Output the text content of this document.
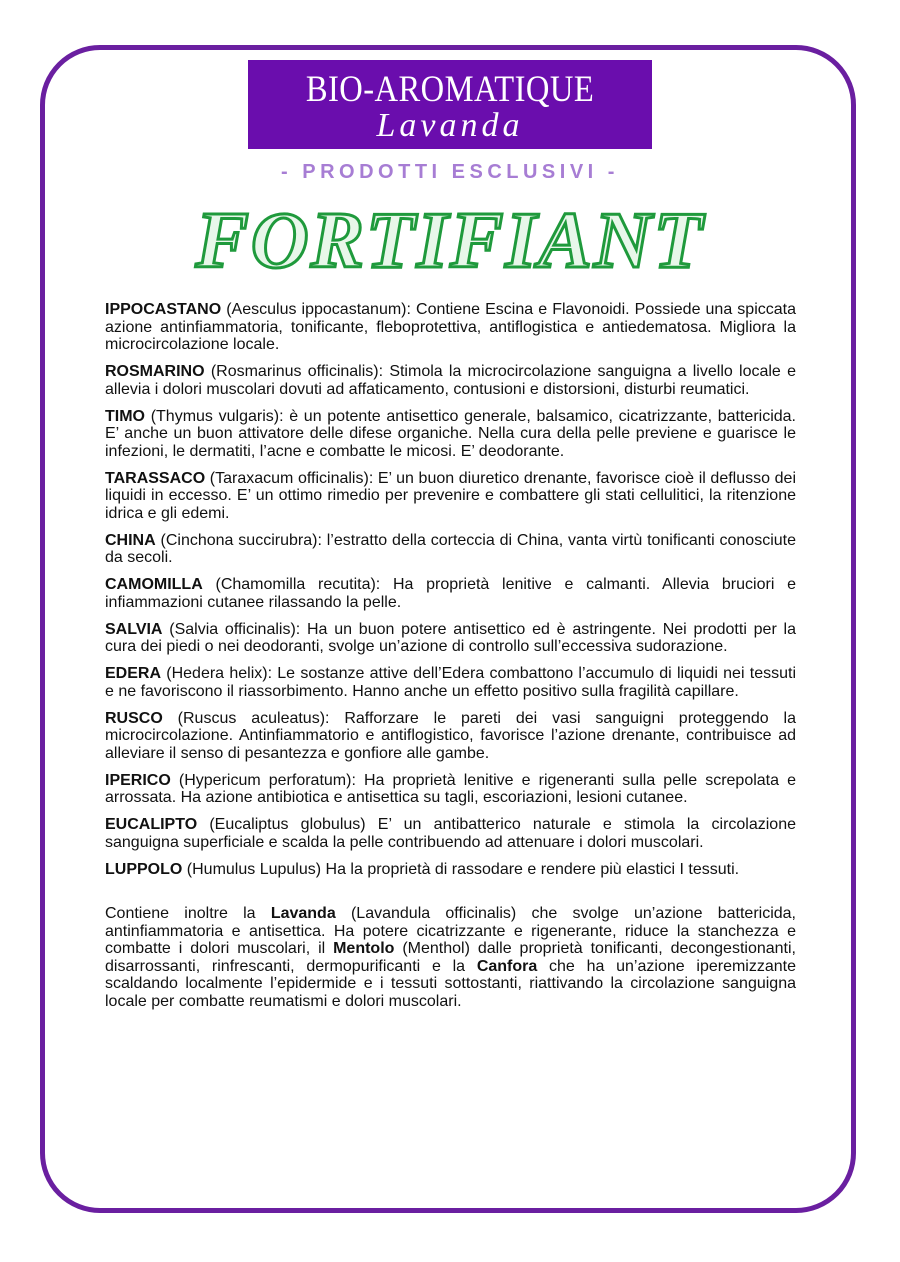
BIO-AROMATIQUE
Lavanda
- PRODOTTI ESCLUSIVI -
FORTIFIANT

IPPOCASTANO (Aesculus ippocastanum): Contiene Escina e Flavonoidi. Possiede una spiccata azione antinfiammatoria, tonificante, fleboprotettiva, antiflogistica e antiedematosa. Migliora la microcircolazione locale.

ROSMARINO (Rosmarinus officinalis): Stimola la microcircolazione sanguigna a livello locale e allevia i dolori muscolari dovuti ad affaticamento, contusioni e distorsioni, disturbi reumatici.

TIMO (Thymus vulgaris): è un potente antisettico generale, balsamico, cicatrizzante, battericida. E’ anche un buon attivatore delle difese organiche. Nella cura della pelle previene e guarisce le infezioni, le dermatiti, l’acne e combatte le micosi. E’ deodorante.

TARASSACO (Taraxacum officinalis): E’ un buon diuretico drenante, favorisce cioè il deflusso dei liquidi in eccesso. E’ un ottimo rimedio per prevenire e combattere gli stati cellulitici, la ritenzione idrica e gli edemi.

CHINA (Cinchona succirubra): l’estratto della corteccia di China, vanta virtù tonificanti conosciute da secoli.

CAMOMILLA (Chamomilla recutita): Ha proprietà lenitive e calmanti. Allevia bruciori e infiammazioni cutanee rilassando la pelle.

SALVIA (Salvia officinalis): Ha un buon potere antisettico ed è astringente. Nei prodotti per la cura dei piedi o nei deodoranti, svolge un’azione di controllo sull’eccessiva sudorazione.

EDERA (Hedera helix): Le sostanze attive dell’Edera combattono l’accumulo di liquidi nei tessuti e ne favoriscono il riassorbimento. Hanno anche un effetto positivo sulla fragilità capillare.

RUSCO (Ruscus aculeatus): Rafforzare le pareti dei vasi sanguigni proteggendo la microcircolazione. Antinfiammatorio e antiflogistico, favorisce l’azione drenante, contribuisce ad alleviare il senso di pesantezza e gonfiore alle gambe.

IPERICO (Hypericum perforatum): Ha proprietà lenitive e rigeneranti sulla pelle screpolata e arrossata. Ha azione antibiotica e antisettica su tagli, escoriazioni, lesioni cutanee.

EUCALIPTO (Eucaliptus globulus) E’ un antibatterico naturale e stimola la circolazione sanguigna superficiale e scalda la pelle contribuendo ad attenuare i dolori muscolari.

LUPPOLO (Humulus Lupulus) Ha la proprietà di rassodare e rendere più elastici I tessuti.

Contiene inoltre la Lavanda (Lavandula officinalis) che svolge un’azione battericida, antinfiammatoria e antisettica. Ha potere cicatrizzante e rigenerante, riduce la stanchezza e combatte i dolori muscolari, il Mentolo (Menthol) dalle proprietà tonificanti, decongestionanti, disarrossanti, rinfrescanti, dermopurificanti e la Canfora che ha un’azione iperemizzante scaldando localmente l’epidermide e i tessuti sottostanti, riattivando la circolazione sanguigna locale per combatte reumatismi e dolori muscolari.
